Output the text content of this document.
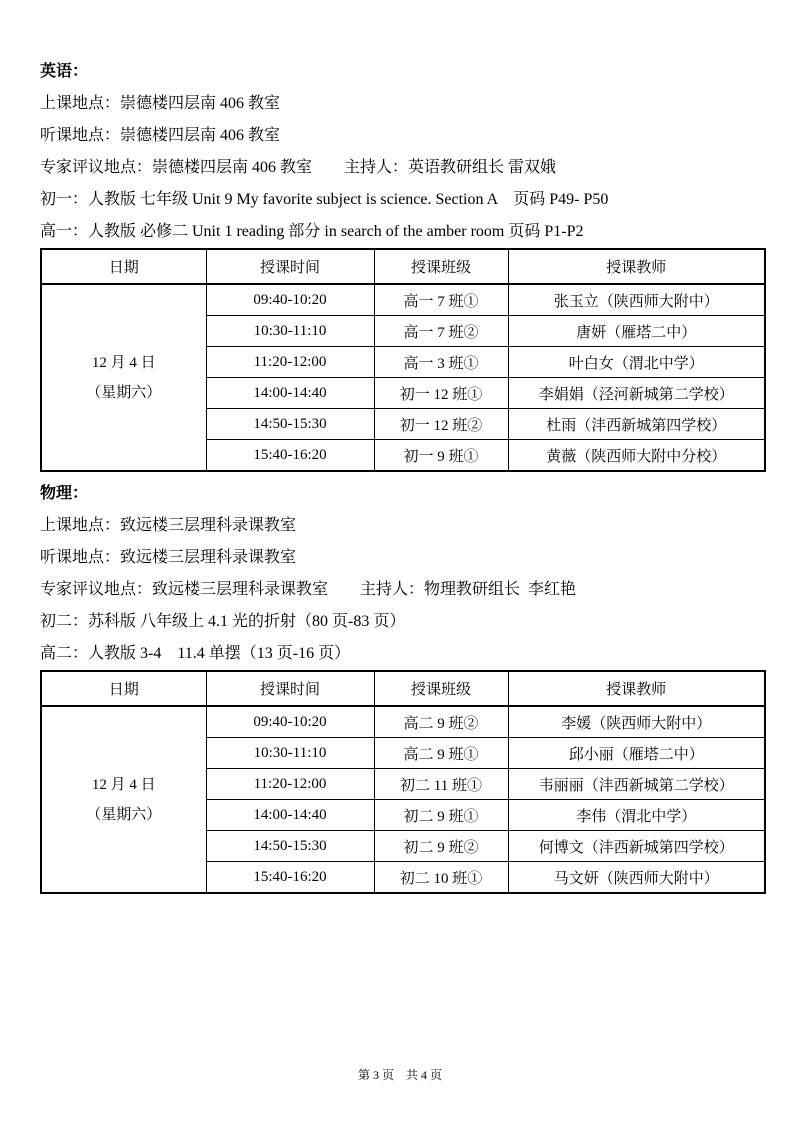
英语：
上课地点：崇德楼四层南 406 教室
听课地点：崇德楼四层南 406 教室
专家评议地点：崇德楼四层南 406 教室　　主持人：英语教研组长 雷双娥
初一：人教版 七年级 Unit 9 My favorite subject is science. Section A　页码 P49- P50
高一：人教版 必修二 Unit 1 reading 部分 in search of the amber room 页码 P1-P2
日期	授课时间	授课班级	授课教师

12 月 4 日
（星期六）	09:40-10:20	高一 7 班①	张玉立（陕西师大附中）
	10:30-11:10	高一 7 班②	唐妍（雁塔二中）
	11:20-12:00	高一 3 班①	叶白女（渭北中学）
	14:00-14:40	初一 12 班①	李娟娟（泾河新城第二学校）
	14:50-15:30	初一 12 班②	杜雨（沣西新城第四学校）
	15:40-16:20	初一 9 班①	黄薇（陕西师大附中分校）
物理：
上课地点：致远楼三层理科录课教室
听课地点：致远楼三层理科录课教室
专家评议地点：致远楼三层理科录课教室　　主持人：物理教研组长  李红艳
初二：苏科版 八年级上 4.1 光的折射（80 页-83 页）
高二：人教版 3-4　11.4 单摆（13 页-16 页）
日期	授课时间	授课班级	授课教师

12 月 4 日
（星期六）	09:40-10:20	高二 9 班②	李媛（陕西师大附中）
	10:30-11:10	高二 9 班①	邱小丽（雁塔二中）
	11:20-12:00	初二 11 班①	韦丽丽（沣西新城第二学校）
	14:00-14:40	初二 9 班①	李伟（渭北中学）
	14:50-15:30	初二 9 班②	何博文（沣西新城第四学校）
	15:40-16:20	初二 10 班①	马文妍（陕西师大附中）
第 3 页　共 4 页
